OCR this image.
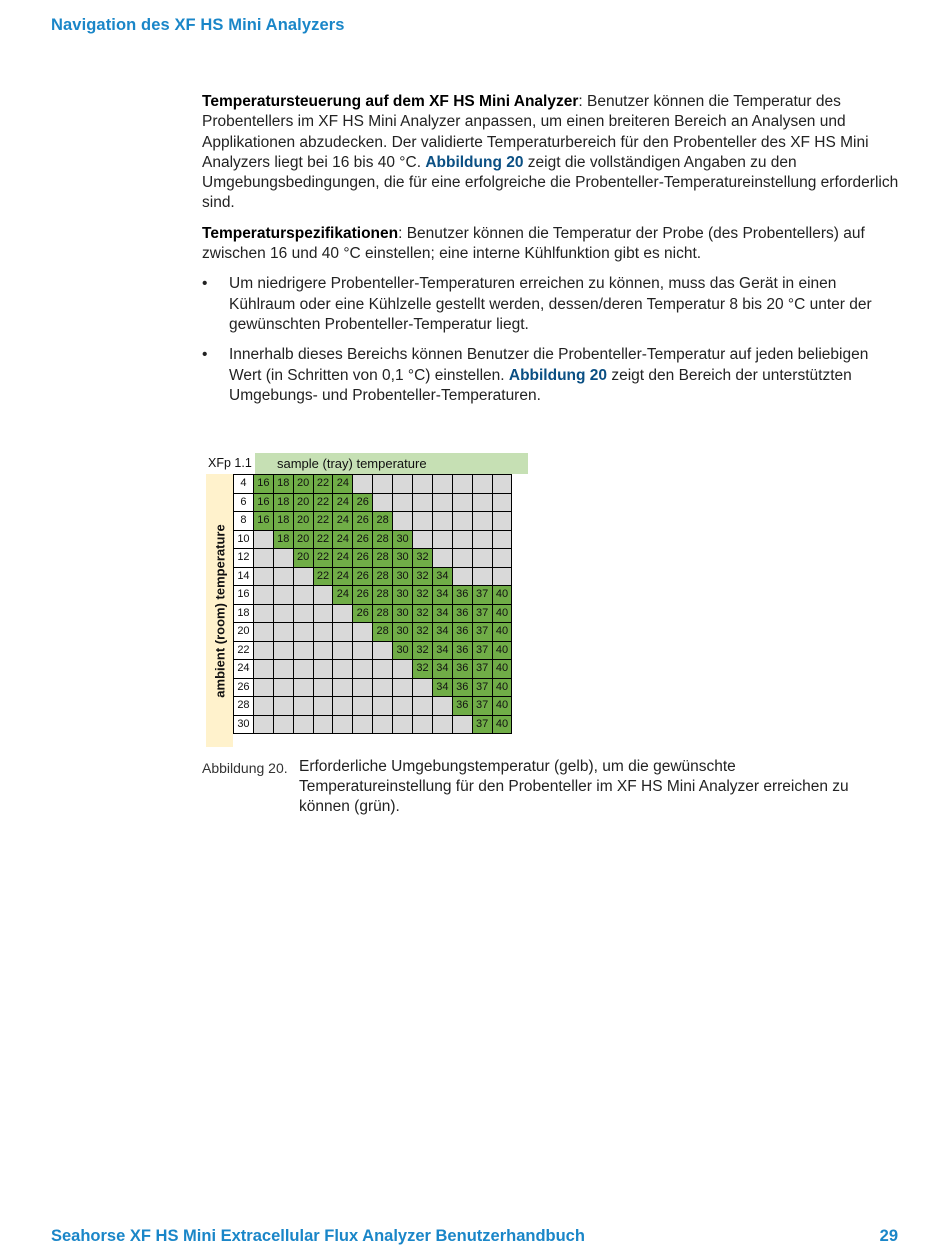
Navigation des XF HS Mini Analyzers

Temperatursteuerung auf dem XF HS Mini Analyzer: Benutzer können die Temperatur des Probentellers im XF HS Mini Analyzer anpassen, um einen breiteren Bereich an Analysen und Applikationen abzudecken. Der validierte Temperaturbereich für den Probenteller des XF HS Mini Analyzers liegt bei 16 bis 40 °C. Abbildung 20 zeigt die vollständigen Angaben zu den Umgebungsbedingungen, die für eine erfolgreiche die Probenteller-Temperatureinstellung erforderlich sind.

Temperaturspezifikationen: Benutzer können die Temperatur der Probe (des Probentellers) auf zwischen 16 und 40 °C einstellen; eine interne Kühlfunktion gibt es nicht.

• Um niedrigere Probenteller-Temperaturen erreichen zu können, muss das Gerät in einen Kühlraum oder eine Kühlzelle gestellt werden, dessen/deren Temperatur 8 bis 20 °C unter der gewünschten Probenteller-Temperatur liegt.
• Innerhalb dieses Bereichs können Benutzer die Probenteller-Temperatur auf jeden beliebigen Wert (in Schritten von 0,1 °C) einstellen. Abbildung 20 zeigt den Bereich der unterstützten Umgebungs- und Probenteller-Temperaturen.
XFp 1.1	sample (tray) temperature
ambient (room) temperature
4	16	18	20	22	24								
6	16	18	20	22	24	26							
8	16	18	20	22	24	26	28						
10		18	20	22	24	26	28	30					
12			20	22	24	26	28	30	32				
14				22	24	26	28	30	32	34			
16					24	26	28	30	32	34	36	37	40
18						26	28	30	32	34	36	37	40
20							28	30	32	34	36	37	40
22								30	32	34	36	37	40
24									32	34	36	37	40
26										34	36	37	40
28											36	37	40
30												37	40
Abbildung 20. Erforderliche Umgebungstemperatur (gelb), um die gewünschte Temperatureinstellung für den Probenteller im XF HS Mini Analyzer erreichen zu können (grün).
Seahorse XF HS Mini Extracellular Flux Analyzer Benutzerhandbuch	29
